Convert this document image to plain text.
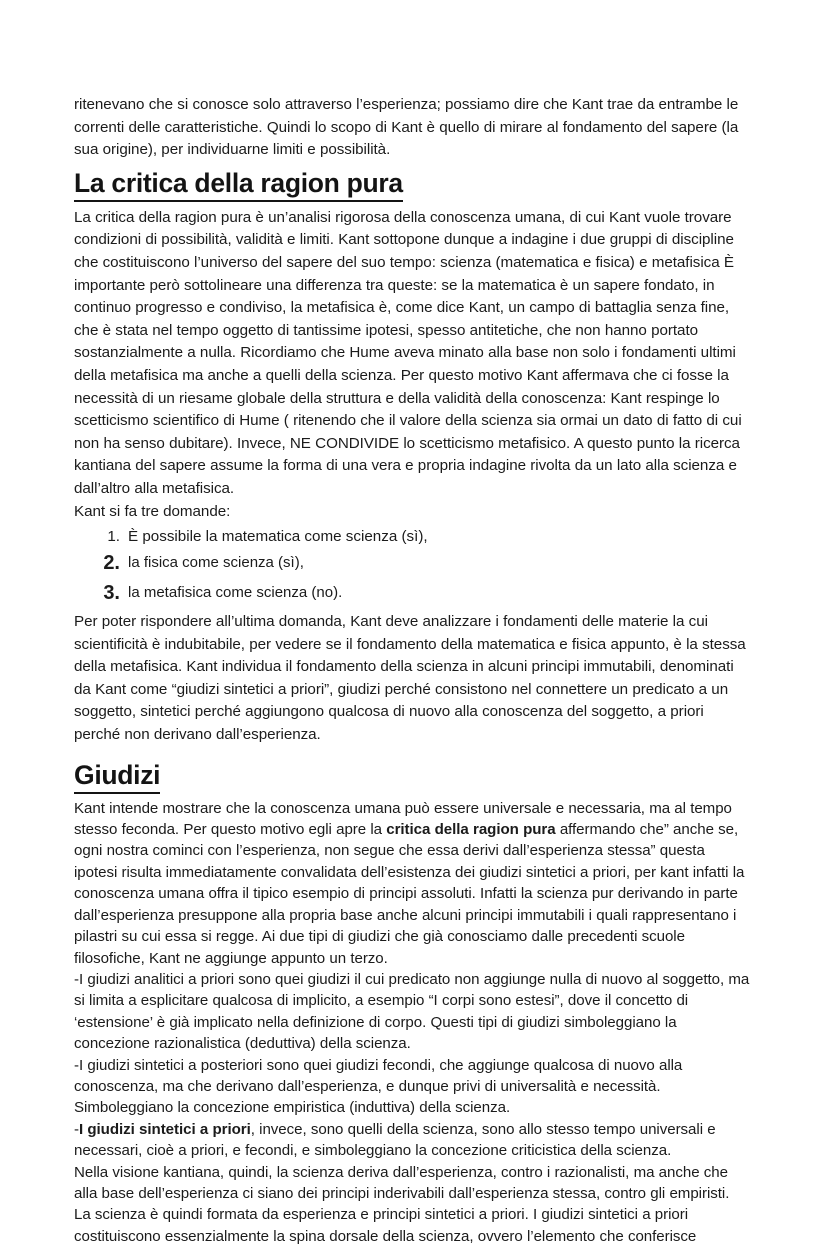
ritenevano che si conosce solo attraverso l’esperienza; possiamo dire che Kant trae da entrambe le correnti delle caratteristiche. Quindi lo scopo di Kant è quello di mirare al fondamento del sapere (la sua origine), per individuarne limiti e possibilità.

La critica della ragion pura

La critica della ragion pura è un’analisi rigorosa della conoscenza umana, di cui Kant vuole trovare condizioni di possibilità, validità e limiti. Kant sottopone dunque a indagine i due gruppi di discipline che costituiscono l’universo del sapere del suo tempo: scienza (matematica e fisica) e metafisica È importante però sottolineare una differenza tra queste: se la matematica è un sapere fondato, in continuo progresso e condiviso, la metafisica è, come dice Kant, un campo di battaglia senza fine, che è stata nel tempo oggetto di tantissime ipotesi, spesso antitetiche, che non hanno portato sostanzialmente a nulla. Ricordiamo che Hume aveva minato alla base non solo i fondamenti ultimi della metafisica ma anche a quelli della scienza. Per questo motivo Kant affermava che ci fosse la necessità di un riesame globale della struttura e della validità della conoscenza: Kant respinge lo scetticismo scientifico di Hume ( ritenendo che il valore della scienza sia ormai un dato di fatto di cui non ha senso dubitare). Invece, NE CONDIVIDE lo scetticismo metafisico. A questo punto la ricerca kantiana del sapere assume la forma di una vera e propria indagine rivolta da un lato alla scienza e dall’altro alla metafisica.

Kant si fa tre domande:

1. È possibile la matematica come scienza (sì),
2. la fisica come scienza (sì),
3. la metafisica come scienza (no).

Per poter rispondere all’ultima domanda, Kant deve analizzare i fondamenti delle materie la cui scientificità è indubitabile, per vedere se il fondamento della matematica e fisica appunto, è la stessa della metafisica. Kant individua il fondamento della scienza in alcuni principi immutabili, denominati da Kant come “giudizi sintetici a priori”, giudizi perché consistono nel connettere un predicato a un soggetto, sintetici perché aggiungono qualcosa di nuovo alla conoscenza del soggetto, a priori perché non derivano dall’esperienza.

Giudizi

Kant intende mostrare che la conoscenza umana può essere universale e necessaria, ma al tempo stesso feconda. Per questo motivo egli apre la critica della ragion pura affermando che” anche se, ogni nostra cominci con l’esperienza, non segue che essa derivi dall’esperienza stessa” questa ipotesi risulta immediatamente convalidata dell’esistenza dei giudizi sintetici a priori, per kant infatti la conoscenza umana offra il tipico esempio di principi assoluti. Infatti la scienza pur derivando in parte dall’esperienza presuppone alla propria base anche alcuni principi immutabili i quali rappresentano i pilastri su cui essa si regge. Ai due tipi di giudizi che già conosciamo dalle precedenti scuole filosofiche, Kant ne aggiunge appunto un terzo.

-I giudizi analitici a priori sono quei giudizi il cui predicato non aggiunge nulla di nuovo al soggetto, ma si limita a esplicitare qualcosa di implicito, a esempio “I corpi sono estesi”, dove il concetto di ‘estensione’ è già implicato nella definizione di corpo. Questi tipi di giudizi simboleggiano la concezione razionalistica (deduttiva) della scienza.

-I giudizi sintetici a posteriori sono quei giudizi fecondi, che aggiunge qualcosa di nuovo alla conoscenza, ma che derivano dall’esperienza, e dunque privi di universalità e necessità. Simboleggiano la concezione empiristica (induttiva) della scienza.

-I giudizi sintetici a priori, invece, sono quelli della scienza, sono allo stesso tempo universali e necessari, cioè a priori, e fecondi, e simboleggiano la concezione criticistica della scienza.

Nella visione kantiana, quindi, la scienza deriva dall’esperienza, contro i razionalisti, ma anche che alla base dell’esperienza ci siano dei principi inderivabili dall’esperienza stessa, contro gli empiristi. La scienza è quindi formata da esperienza e principi sintetici a priori. I giudizi sintetici a priori costituiscono essenzialmente la spina dorsale della scienza, ovvero l’elemento che conferisce
